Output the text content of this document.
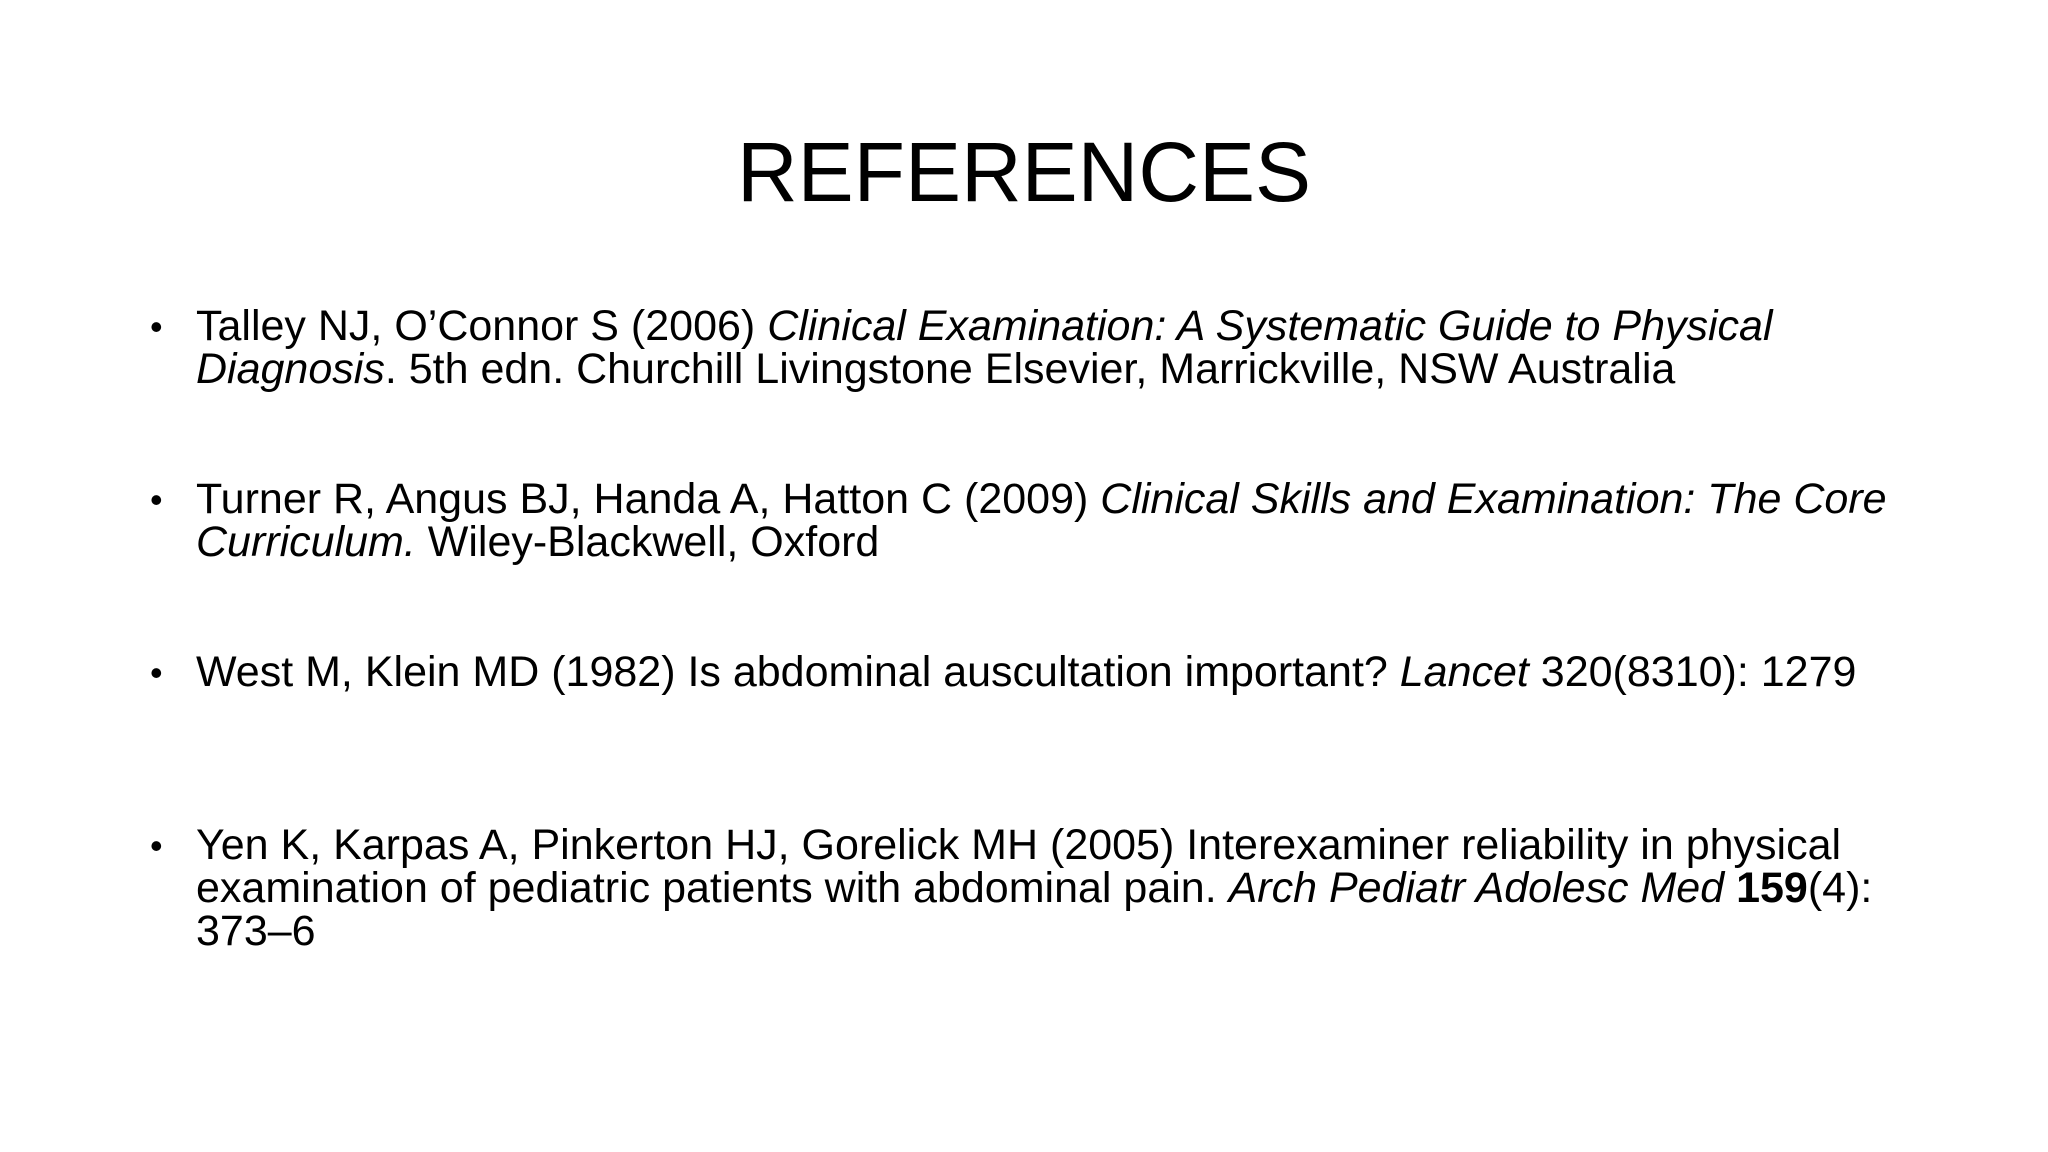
REFERENCES
• Talley NJ, O’Connor S (2006) Clinical Examination: A Systematic Guide to Physical Diagnosis. 5th edn. Churchill Livingstone Elsevier, Marrickville, NSW Australia
• Turner R, Angus BJ, Handa A, Hatton C (2009) Clinical Skills and Examination: The Core Curriculum. Wiley-Blackwell, Oxford
• West M, Klein MD (1982) Is abdominal auscultation important? Lancet 320(8310): 1279
• Yen K, Karpas A, Pinkerton HJ, Gorelick MH (2005) Interexaminer reliability in physical examination of pediatric patients with abdominal pain. Arch Pediatr Adolesc Med 159(4): 373–6
